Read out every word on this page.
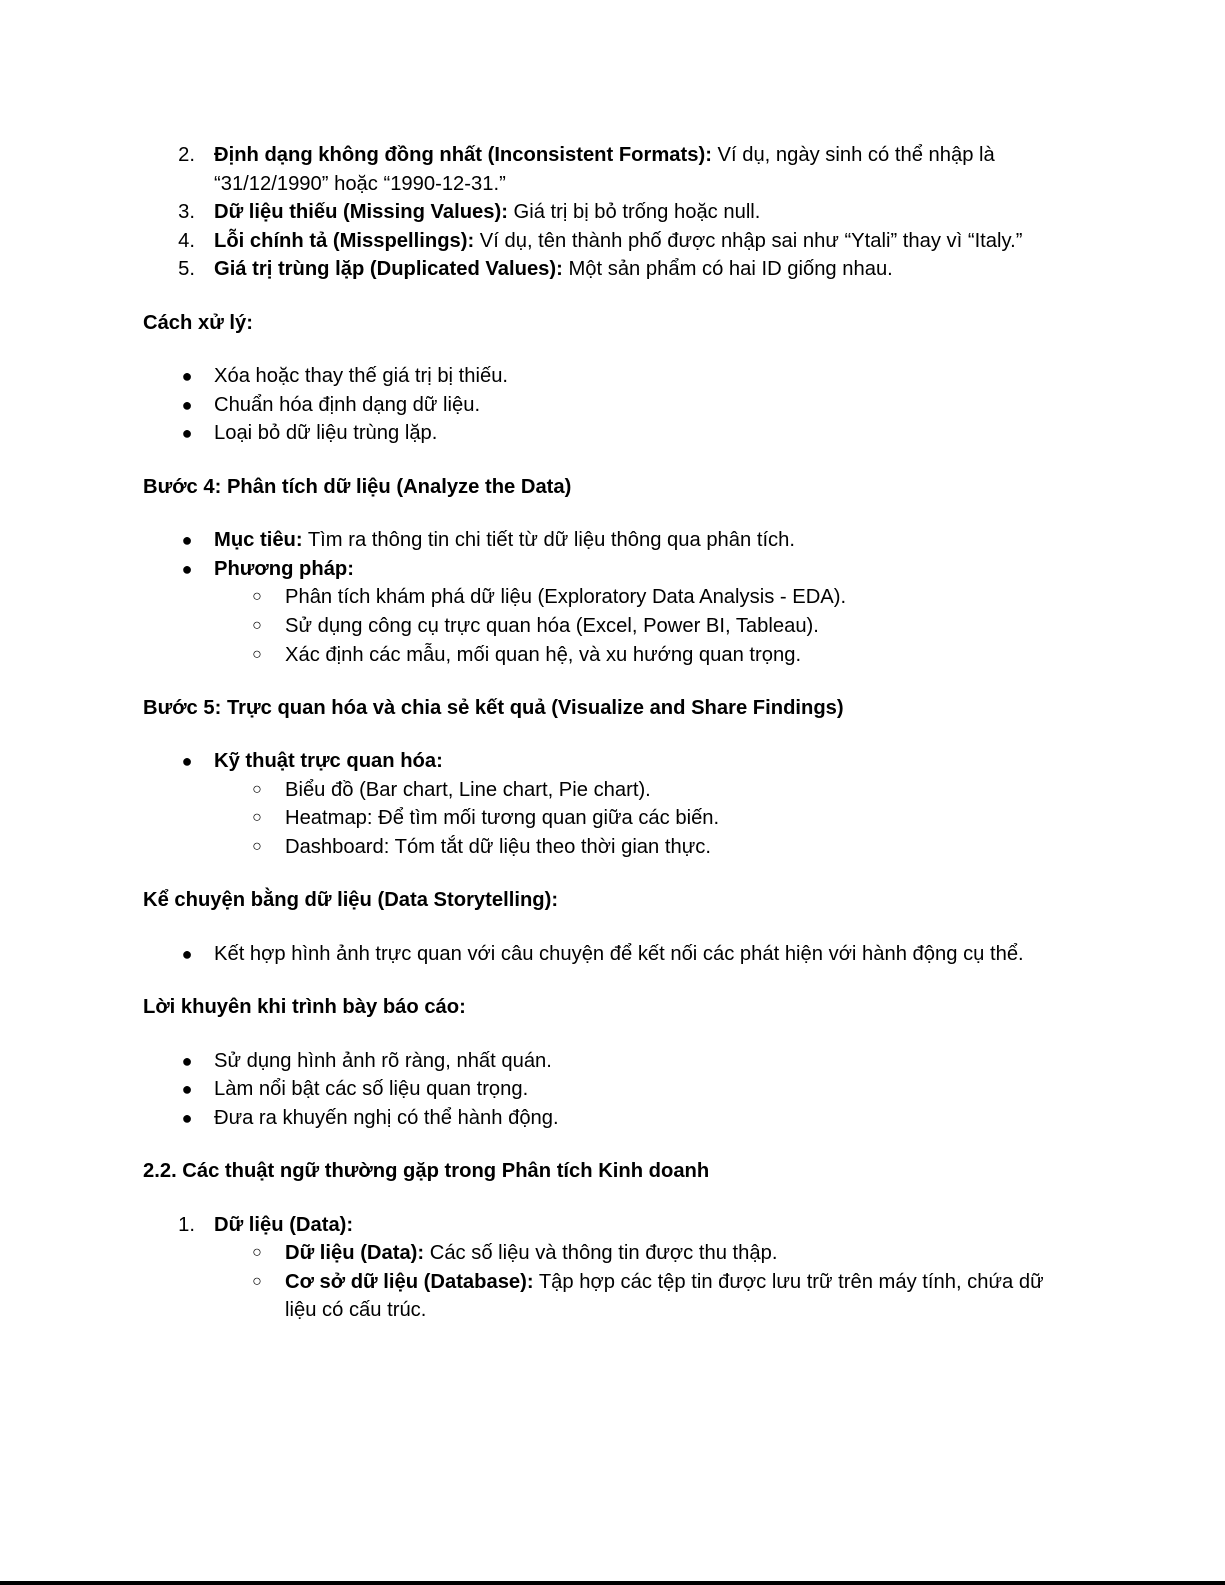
2. Định dạng không đồng nhất (Inconsistent Formats): Ví dụ, ngày sinh có thể nhập là “31/12/1990” hoặc “1990-12-31.”
3. Dữ liệu thiếu (Missing Values): Giá trị bị bỏ trống hoặc null.
4. Lỗi chính tả (Misspellings): Ví dụ, tên thành phố được nhập sai như “Ytali” thay vì “Italy.”
5. Giá trị trùng lặp (Duplicated Values): Một sản phẩm có hai ID giống nhau.

Cách xử lý:

● Xóa hoặc thay thế giá trị bị thiếu.
● Chuẩn hóa định dạng dữ liệu.
● Loại bỏ dữ liệu trùng lặp.

Bước 4: Phân tích dữ liệu (Analyze the Data)

● Mục tiêu: Tìm ra thông tin chi tiết từ dữ liệu thông qua phân tích.
● Phương pháp:
○ Phân tích khám phá dữ liệu (Exploratory Data Analysis - EDA).
○ Sử dụng công cụ trực quan hóa (Excel, Power BI, Tableau).
○ Xác định các mẫu, mối quan hệ, và xu hướng quan trọng.

Bước 5: Trực quan hóa và chia sẻ kết quả (Visualize and Share Findings)

● Kỹ thuật trực quan hóa:
○ Biểu đồ (Bar chart, Line chart, Pie chart).
○ Heatmap: Để tìm mối tương quan giữa các biến.
○ Dashboard: Tóm tắt dữ liệu theo thời gian thực.

Kể chuyện bằng dữ liệu (Data Storytelling):

● Kết hợp hình ảnh trực quan với câu chuyện để kết nối các phát hiện với hành động cụ thể.

Lời khuyên khi trình bày báo cáo:

● Sử dụng hình ảnh rõ ràng, nhất quán.
● Làm nổi bật các số liệu quan trọng.
● Đưa ra khuyến nghị có thể hành động.

2.2. Các thuật ngữ thường gặp trong Phân tích Kinh doanh

1. Dữ liệu (Data):
○ Dữ liệu (Data): Các số liệu và thông tin được thu thập.
○ Cơ sở dữ liệu (Database): Tập hợp các tệp tin được lưu trữ trên máy tính, chứa dữ liệu có cấu trúc.
